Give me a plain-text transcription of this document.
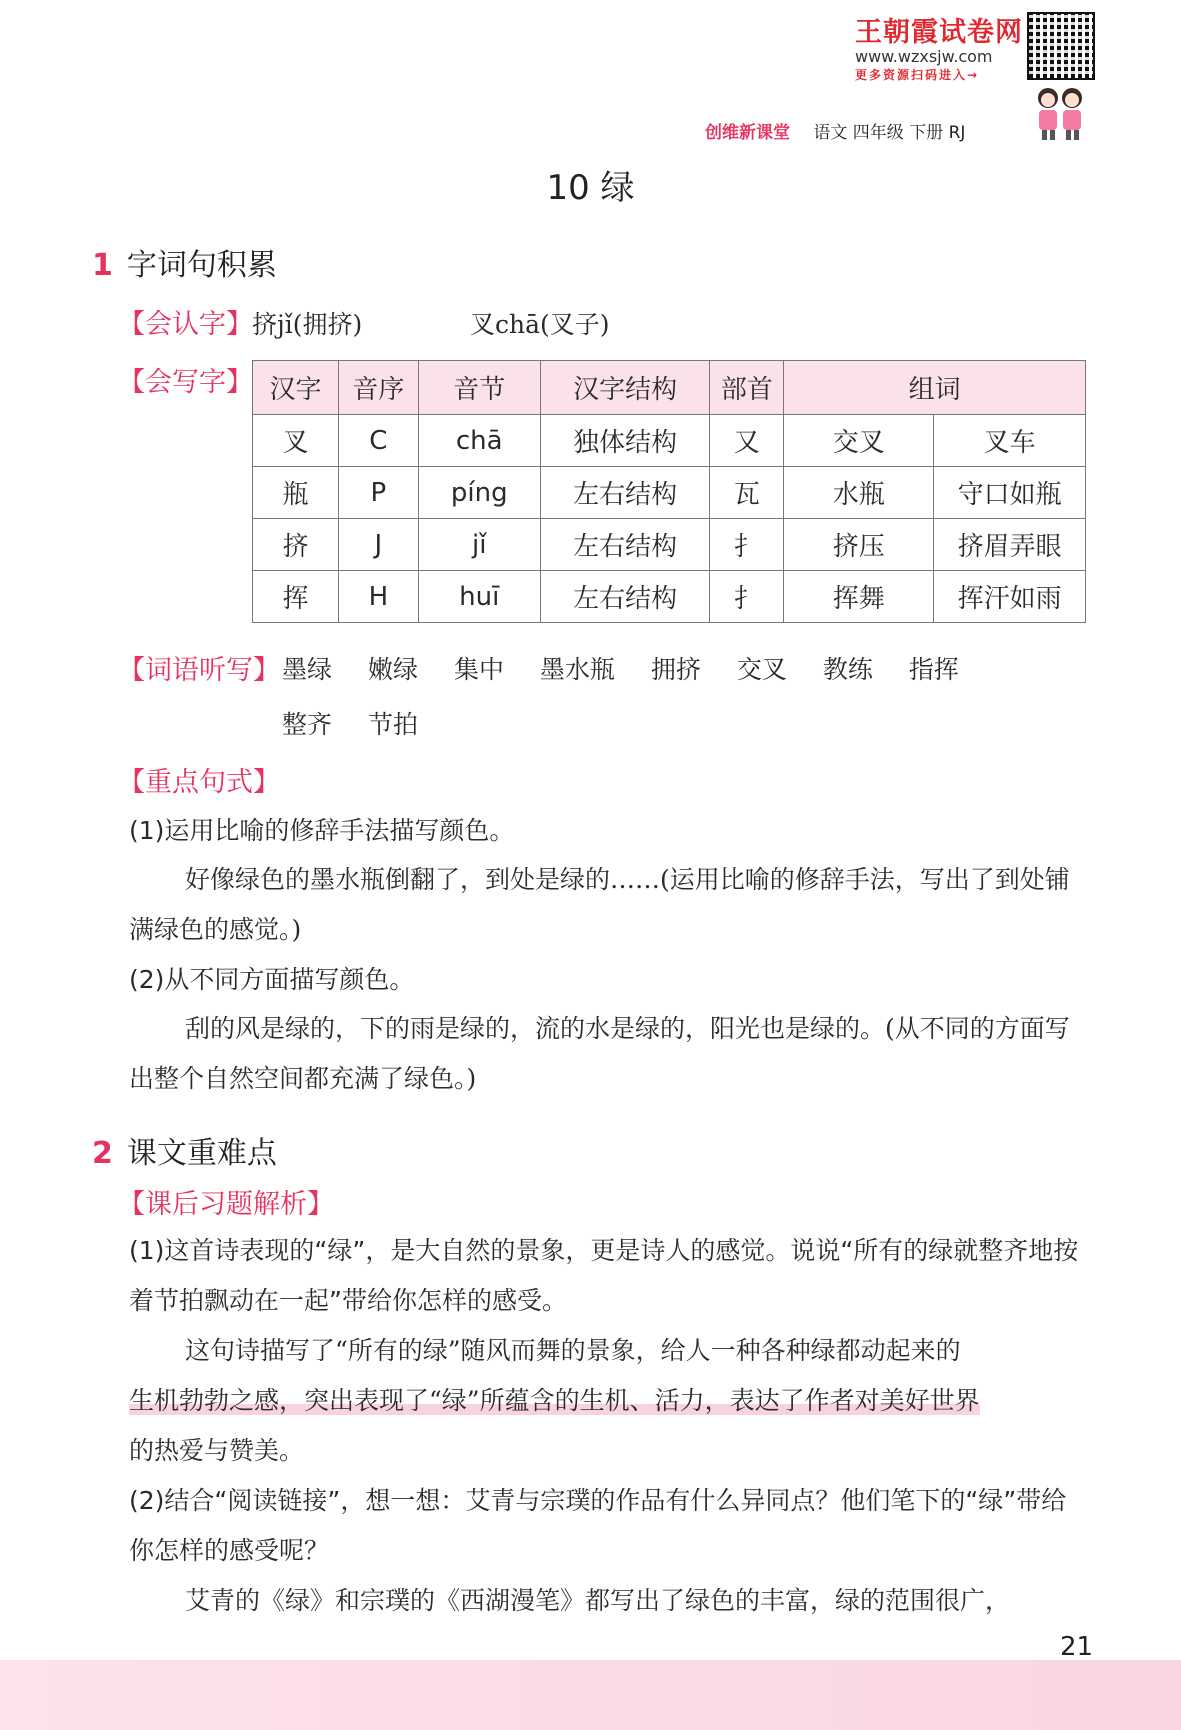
王朝霞试卷网
www.wzxsjw.com
更多资源扫码进入→
创维新课堂 语文 四年级 下册 RJ
10 绿
1 字词句积累
【会认字】 挤jǐ(拥挤)	叉chā(叉子)
【会写字】 汉字	音序	音节	汉字结构	部首	组词	
叉	C	chā	独体结构	又	交叉	叉车
瓶	P	píng	左右结构	瓦	水瓶	守口如瓶
挤	J	jǐ	左右结构	扌	挤压	挤眉弄眼
挥	H	huī	左右结构	扌	挥舞	挥汗如雨
【词语听写】 墨绿 嫩绿 集中 墨水瓶 拥挤 交叉 教练 指挥
整齐 节拍
【重点句式】
(1)运用比喻的修辞手法描写颜色。
好像绿色的墨水瓶倒翻了，到处是绿的……(运用比喻的修辞手法，写出了到处铺满绿色的感觉。)
(2)从不同方面描写颜色。
刮的风是绿的，下的雨是绿的，流的水是绿的，阳光也是绿的。(从不同的方面写出整个自然空间都充满了绿色。)
2 课文重难点
【课后习题解析】
(1)这首诗表现的“绿”，是大自然的景象，更是诗人的感觉。说说“所有的绿就整齐地按着节拍飘动在一起”带给你怎样的感受。
这句诗描写了“所有的绿”随风而舞的景象，给人一种各种绿都动起来的
生机勃勃之感，突出表现了“绿”所蕴含的生机、活力，表达了作者对美好世界
的热爱与赞美。
(2)结合“阅读链接”，想一想：艾青与宗璞的作品有什么异同点？他们笔下的“绿”带给你怎样的感受呢？
艾青的《绿》和宗璞的《西湖漫笔》都写出了绿色的丰富，绿的范围很广，
21
